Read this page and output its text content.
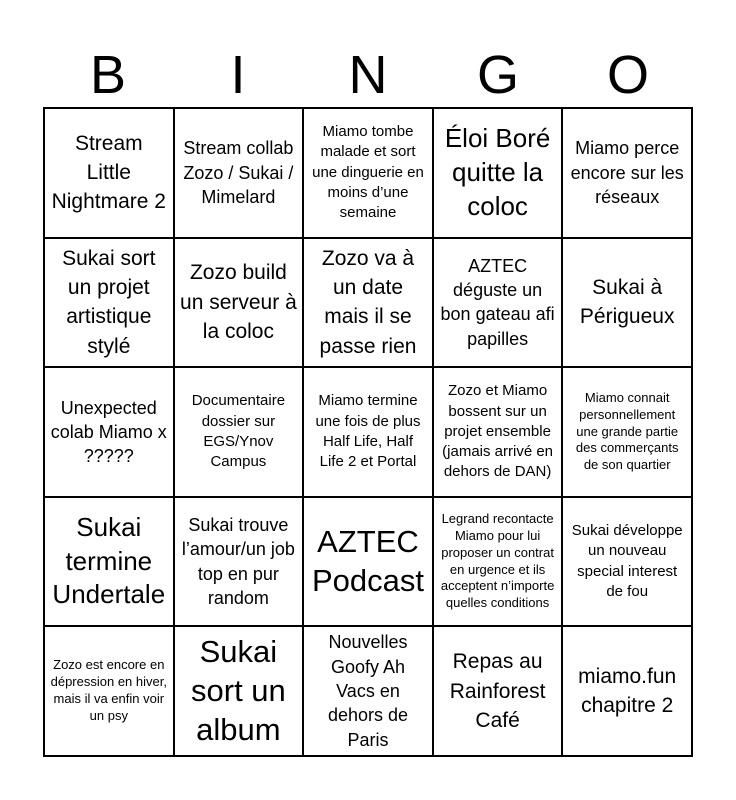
B	I	N	G	O
Stream Little Nightmare 2
Stream collab Zozo / Sukai / Mimelard
Miamo tombe malade et sort une dinguerie en moins d’une semaine
Éloi Boré quitte la coloc
Miamo perce encore sur les réseaux
Sukai sort un projet artistique stylé
Zozo build un serveur à la coloc
Zozo va à un date mais il se passe rien
AZTEC déguste un bon gateau afi papilles
Sukai à Périgueux
Unexpected colab Miamo x ?????
Documentaire dossier sur EGS/Ynov Campus
Miamo termine une fois de plus Half Life, Half Life 2 et Portal
Zozo et Miamo bossent sur un projet ensemble (jamais arrivé en dehors de DAN)
Miamo connait personnellement une grande partie des commerçants de son quartier
Sukai termine Undertale
Sukai trouve l’amour/un job top en pur random
AZTEC Podcast
Legrand recontacte Miamo pour lui proposer un contrat en urgence et ils acceptent n’importe quelles conditions
Sukai développe un nouveau special interest de fou
Zozo est encore en dépression en hiver, mais il va enfin voir un psy
Sukai sort un album
Nouvelles Goofy Ah Vacs en dehors de Paris
Repas au Rainforest Café
miamo.fun chapitre 2
